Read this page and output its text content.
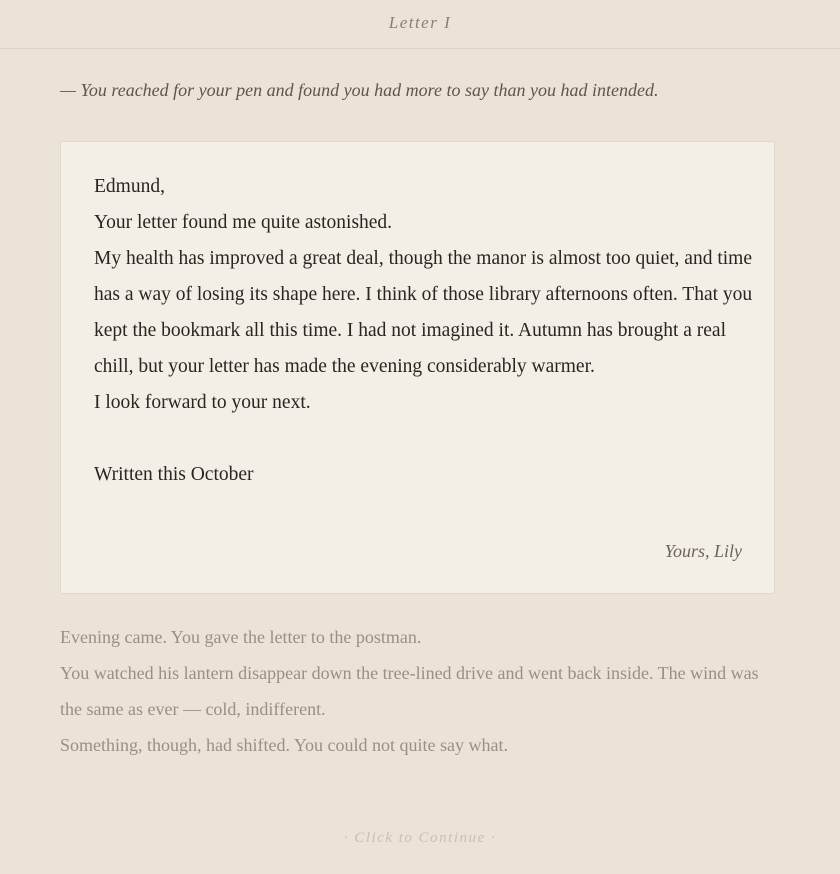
Letter I
— You reached for your pen and found you had more to say than you had intended.

Edmund,

Your letter found me quite astonished.

My health has improved a great deal, though the manor is almost too quiet, and time has a way of losing its shape here. I think of those library afternoons often. That you kept the bookmark all this time. I had not imagined it. Autumn has brought a real chill, but your letter has made the evening considerably warmer.

I look forward to your next.

Written this October

Yours, Lily

Evening came. You gave the letter to the postman.

You watched his lantern disappear down the tree-lined drive and went back inside. The wind was the same as ever — cold, indifferent.

Something, though, had shifted. You could not quite say what.

· Click to Continue ·
